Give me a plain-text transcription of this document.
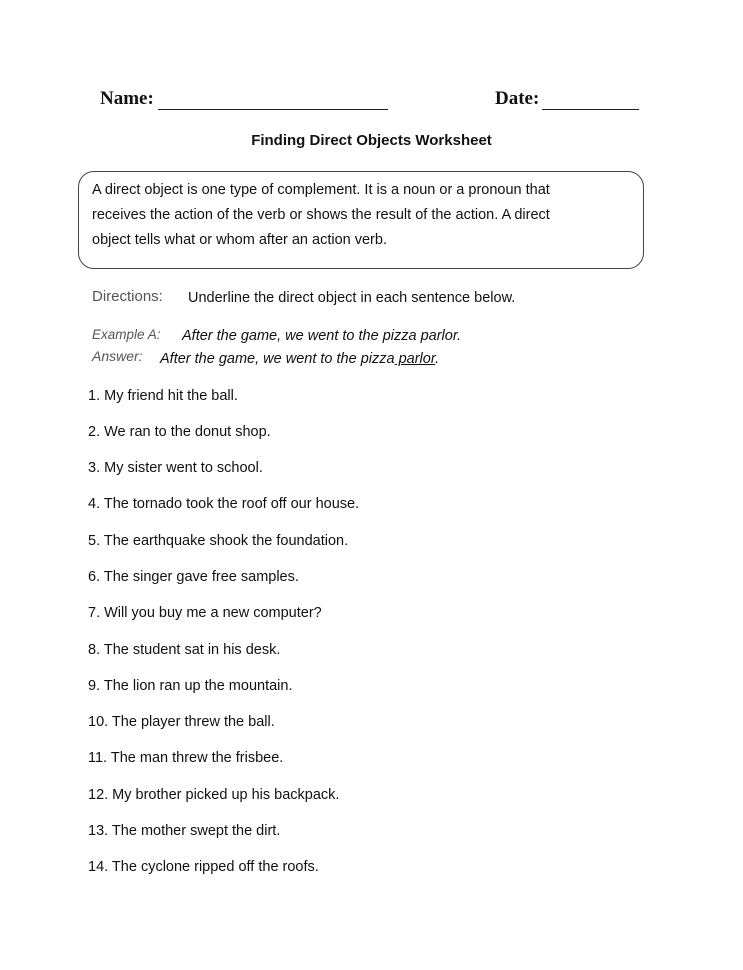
Name:	Date:
Finding Direct Objects Worksheet
A direct object is one type of complement. It is a noun or a pronoun that
receives the action of the verb or shows the result of the action. A direct
object tells what or whom after an action verb.
Directions: Underline the direct object in each sentence below.
Example A: After the game, we went to the pizza parlor.
Answer: After the game, we went to the pizza parlor.
1. My friend hit the ball.
2. We ran to the donut shop.
3. My sister went to school.
4. The tornado took the roof off our house.
5. The earthquake shook the foundation.
6. The singer gave free samples.
7. Will you buy me a new computer?
8. The student sat in his desk.
9. The lion ran up the mountain.
10. The player threw the ball.
11. The man threw the frisbee.
12. My brother picked up his backpack.
13. The mother swept the dirt.
14. The cyclone ripped off the roofs.
